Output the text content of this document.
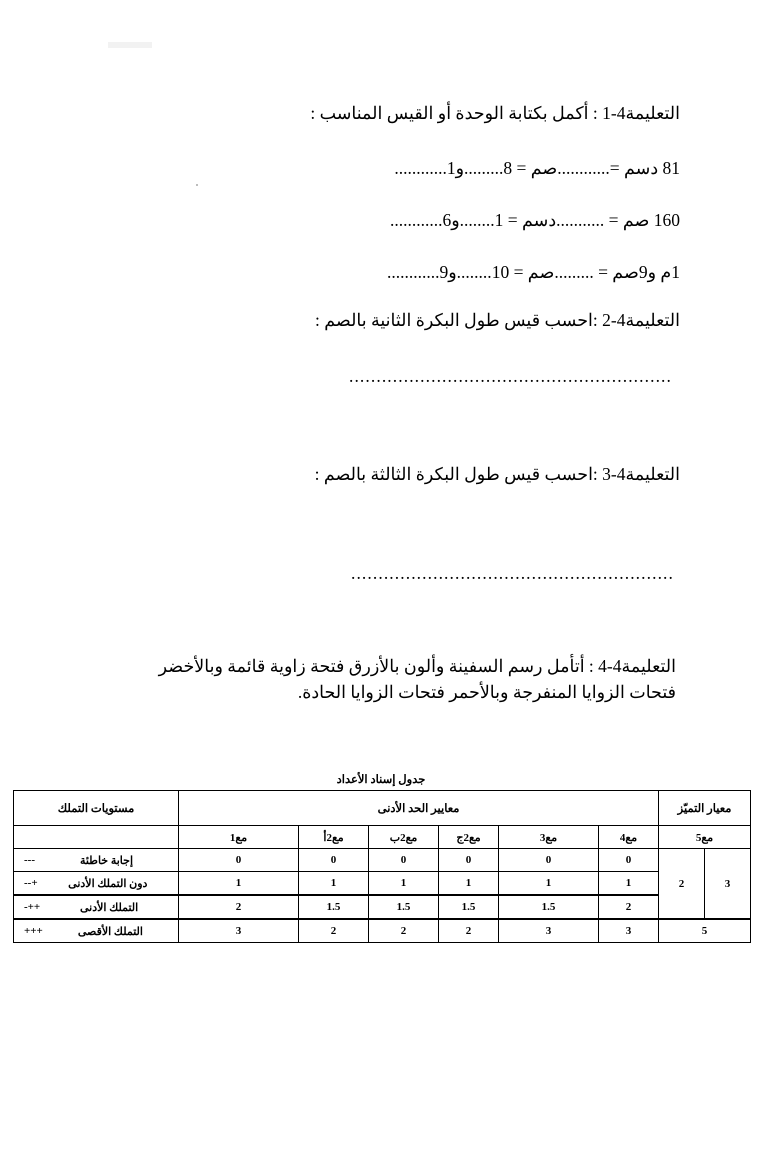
التعليمة4-1 : أكمل بكتابة الوحدة أو القيس المناسب :
81 دسم =............صم = 8.........و1............
160 صم = ...........دسم = 1........و6............
1م و9صم = .........صم = 10........و9............
التعليمة4-2 :احسب قيس طول البكرة الثانية بالصم :
...........................................................
التعليمة4-3 :احسب قيس طول البكرة الثالثة بالصم :
...........................................................
التعليمة4-4 : أتأمل رسم السفينة وألون بالأزرق فتحة زاوية قائمة وبالأخضر
فتحات الزوايا المنفرجة وبالأحمر فتحات الزوايا الحادة.
جدول إسناد الأعداد
معيار التميّز		معايير الحد الأدنى						مستويات التملك
مع5		مع4	مع3	مع2ج	مع2ب	مع2أ	مع1	
3	2	0	0	0	0	0	0	--- إجابة خاطئة
		1	1	1	1	1	1	+-- دون التملك الأدنى
		2	1.5	1.5	1.5	1.5	2	++- التملك الأدنى
5		3	3	2	2	2	3	+++ التملك الأقصى
